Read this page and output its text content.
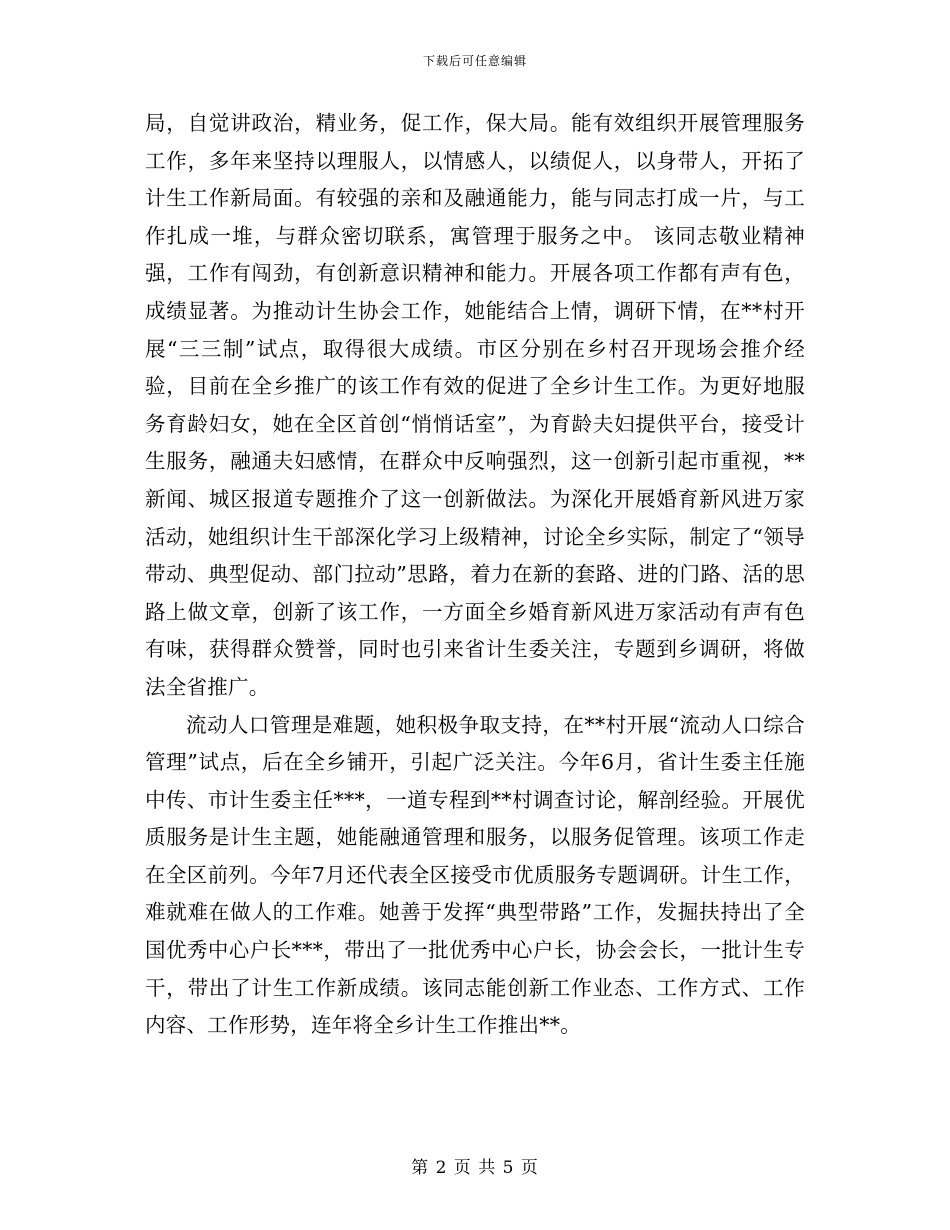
下载后可任意编辑

局，自觉讲政治，精业务，促工作，保大局。能有效组织开展管理服务工作，多年来坚持以理服人，以情感人，以绩促人，以身带人，开拓了计生工作新局面。有较强的亲和及融通能力，能与同志打成一片，与工作扎成一堆，与群众密切联系，寓管理于服务之中。 该同志敬业精神强，工作有闯劲，有创新意识精神和能力。开展各项工作都有声有色，成绩显著。为推动计生协会工作，她能结合上情，调研下情，在**村开展“三三制”试点，取得很大成绩。市区分别在乡村召开现场会推介经验，目前在全乡推广的该工作有效的促进了全乡计生工作。为更好地服务育龄妇女，她在全区首创“悄悄话室”，为育龄夫妇提供平台，接受计生服务，融通夫妇感情，在群众中反响强烈，这一创新引起市重视，**新闻、城区报道专题推介了这一创新做法。为深化开展婚育新风进万家活动，她组织计生干部深化学习上级精神，讨论全乡实际，制定了“领导带动、典型促动、部门拉动”思路，着力在新的套路、进的门路、活的思路上做文章，创新了该工作，一方面全乡婚育新风进万家活动有声有色有味，获得群众赞誉，同时也引来省计生委关注，专题到乡调研，将做法全省推广。

流动人口管理是难题，她积极争取支持，在**村开展“流动人口综合管理”试点，后在全乡铺开，引起广泛关注。今年6月，省计生委主任施中传、市计生委主任***，一道专程到**村调查讨论，解剖经验。开展优质服务是计生主题，她能融通管理和服务，以服务促管理。该项工作走在全区前列。今年7月还代表全区接受市优质服务专题调研。计生工作，难就难在做人的工作难。她善于发挥“典型带路”工作，发掘扶持出了全国优秀中心户长***，带出了一批优秀中心户长，协会会长，一批计生专干，带出了计生工作新成绩。该同志能创新工作业态、工作方式、工作内容、工作形势，连年将全乡计生工作推出**。

第 2 页 共 5 页
